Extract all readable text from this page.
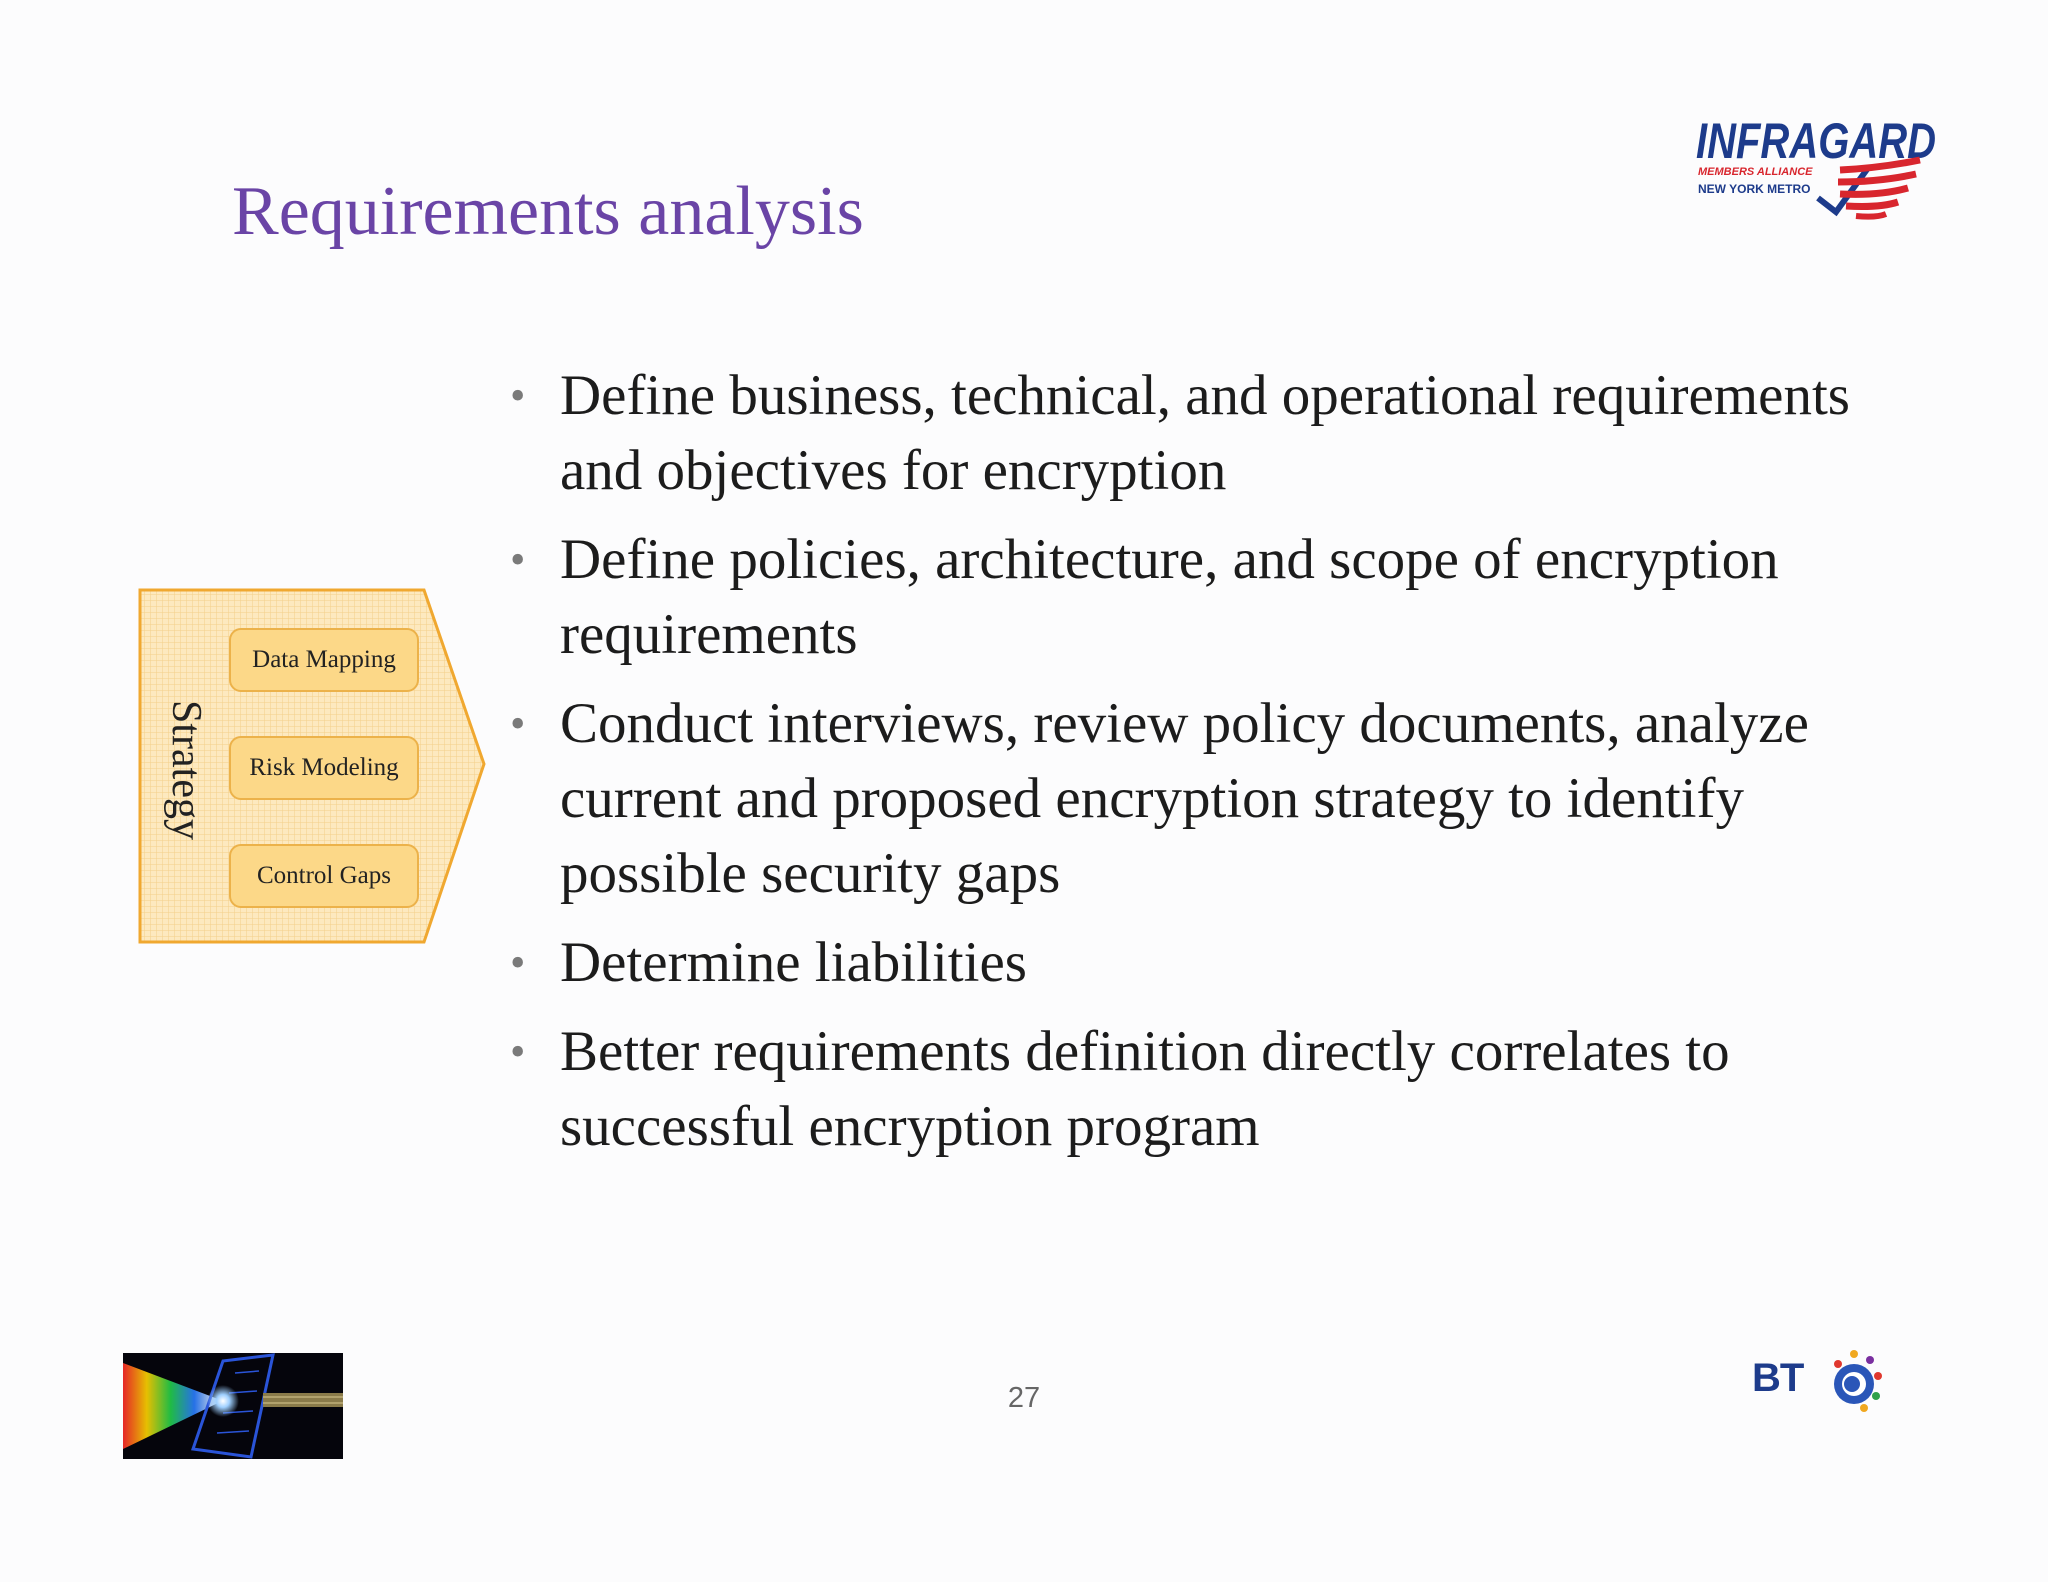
Requirements analysis
INFRAGARD
MEMBERS ALLIANCE
NEW YORK METRO
Strategy
Data Mapping
Risk Modeling
Control Gaps
• Define business, technical, and operational requirements and objectives for encryption
• Define policies, architecture, and scope of encryption requirements
• Conduct interviews, review policy documents, analyze current and proposed encryption strategy to identify possible security gaps
• Determine liabilities
• Better requirements definition directly correlates to successful encryption program
27	BT
